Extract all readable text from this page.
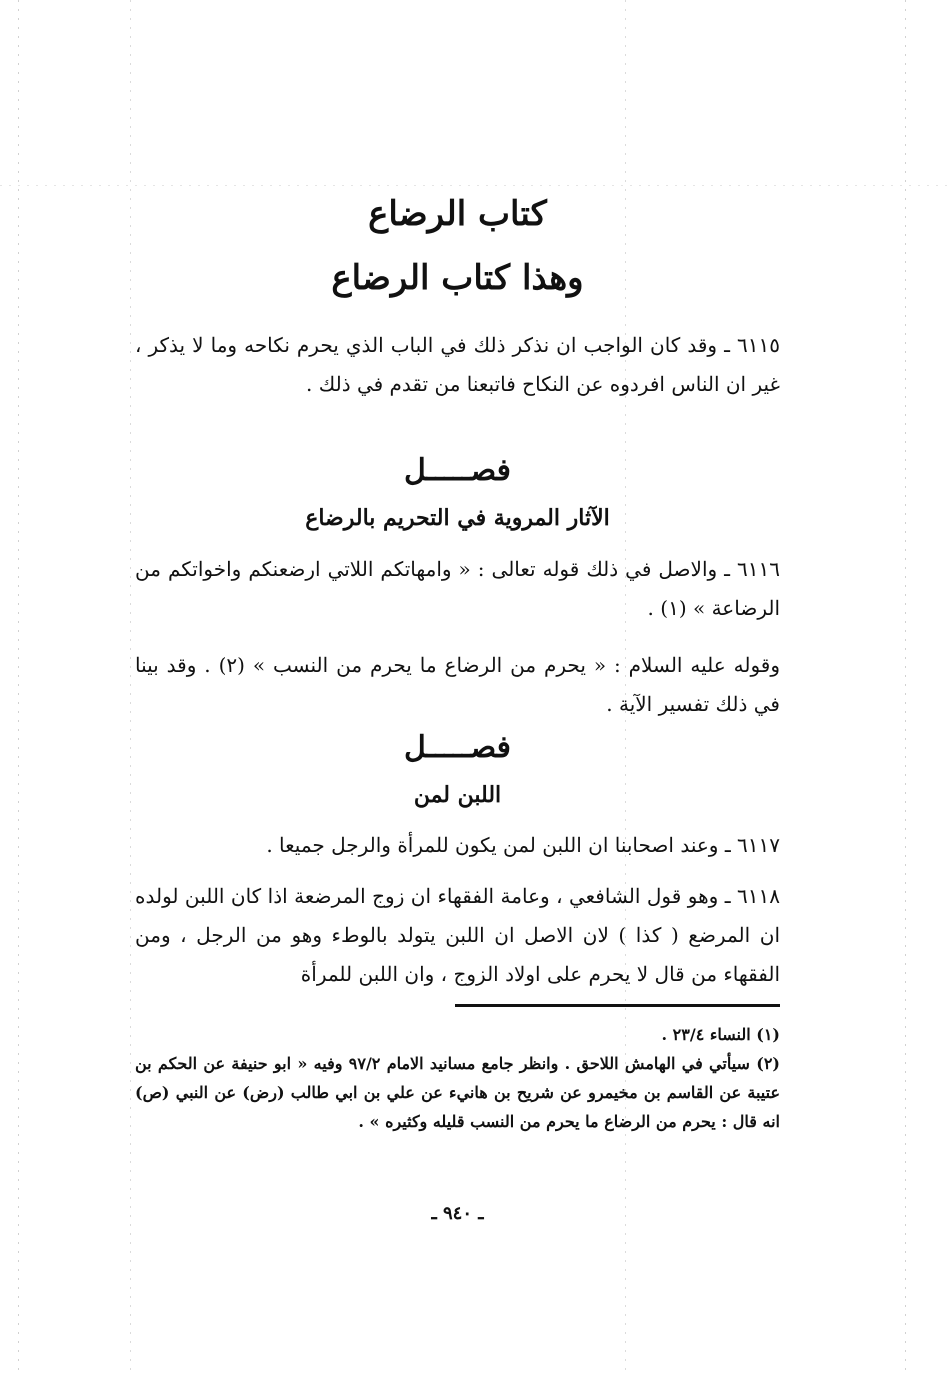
كتاب الرضاع
وهذا كتاب الرضاع

٦١١٥ ـ وقد كان الواجب ان نذكر ذلك في الباب الذي يحرم نكاحه وما لا يذكر ، غير ان الناس افردوه عن النكاح فاتبعنا من تقدم في ذلك .

فصـــــل
الآثار المروية في التحريم بالرضاع

٦١١٦ ـ والاصل في ذلك قوله تعالى : « وامهاتكم اللاتي ارضعنكم واخواتكم من الرضاعة » (١) .

وقوله عليه السلام : « يحرم من الرضاع ما يحرم من النسب » (٢) . وقد بينا في ذلك تفسير الآية .

فصـــــل
اللبن لمن

٦١١٧ ـ وعند اصحابنا ان اللبن لمن يكون للمرأة والرجل جميعا .

٦١١٨ ـ وهو قول الشافعي ، وعامة الفقهاء ان زوج المرضعة اذا كان اللبن لولده ان المرضع ( كذا ) لان الاصل ان اللبن يتولد بالوطء وهو من الرجل ، ومن الفقهاء من قال لا يحرم على اولاد الزوج ، وان اللبن للمرأة

(١) النساء ٢٣/٤ .
(٢) سيأتي في الهامش اللاحق . وانظر جامع مسانيد الامام ٩٧/٢ وفيه « ابو حنيفة عن الحكم بن عتيبة عن القاسم بن مخيمرو عن شريح بن هانيء عن علي بن ابي طالب (رض) عن النبي (ص) انه قال : يحرم من الرضاع ما يحرم من النسب قليله وكثيره » .
ـ ٩٤٠ ـ
